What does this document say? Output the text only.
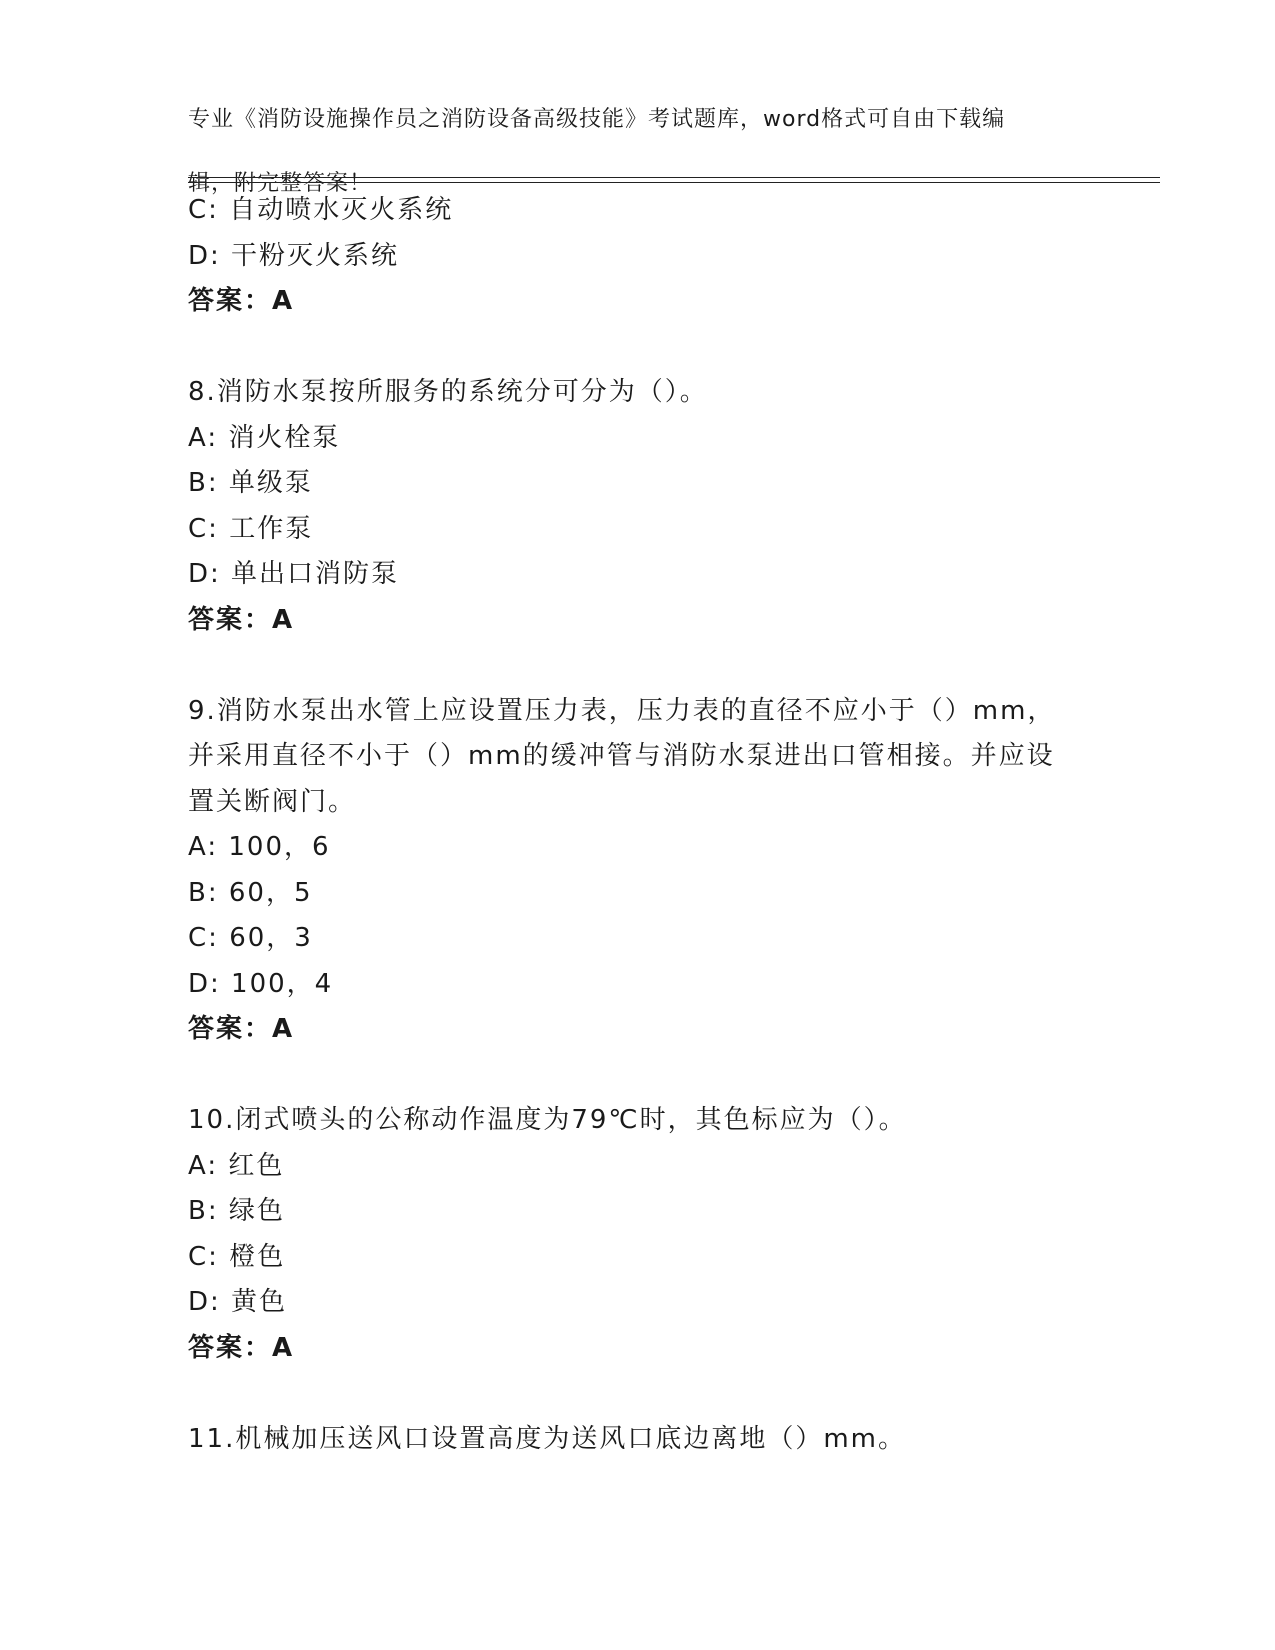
专业《消防设施操作员之消防设备高级技能》考试题库，word格式可自由下载编

辑，附完整答案！

C: 自动喷水灭火系统
D: 干粉灭火系统
答案：A
8.消防水泵按所服务的系统分可分为（）。
A: 消火栓泵
B: 单级泵
C: 工作泵
D: 单出口消防泵
答案：A
9.消防水泵出水管上应设置压力表，压力表的直径不应小于（）mm，
并采用直径不小于（）mm的缓冲管与消防水泵进出口管相接。并应设
置关断阀门。
A: 100，6
B: 60，5
C: 60，3
D: 100，4
答案：A
10.闭式喷头的公称动作温度为79℃时，其色标应为（）。
A: 红色
B: 绿色
C: 橙色
D: 黄色
答案：A
11.机械加压送风口设置高度为送风口底边离地（）mm。
